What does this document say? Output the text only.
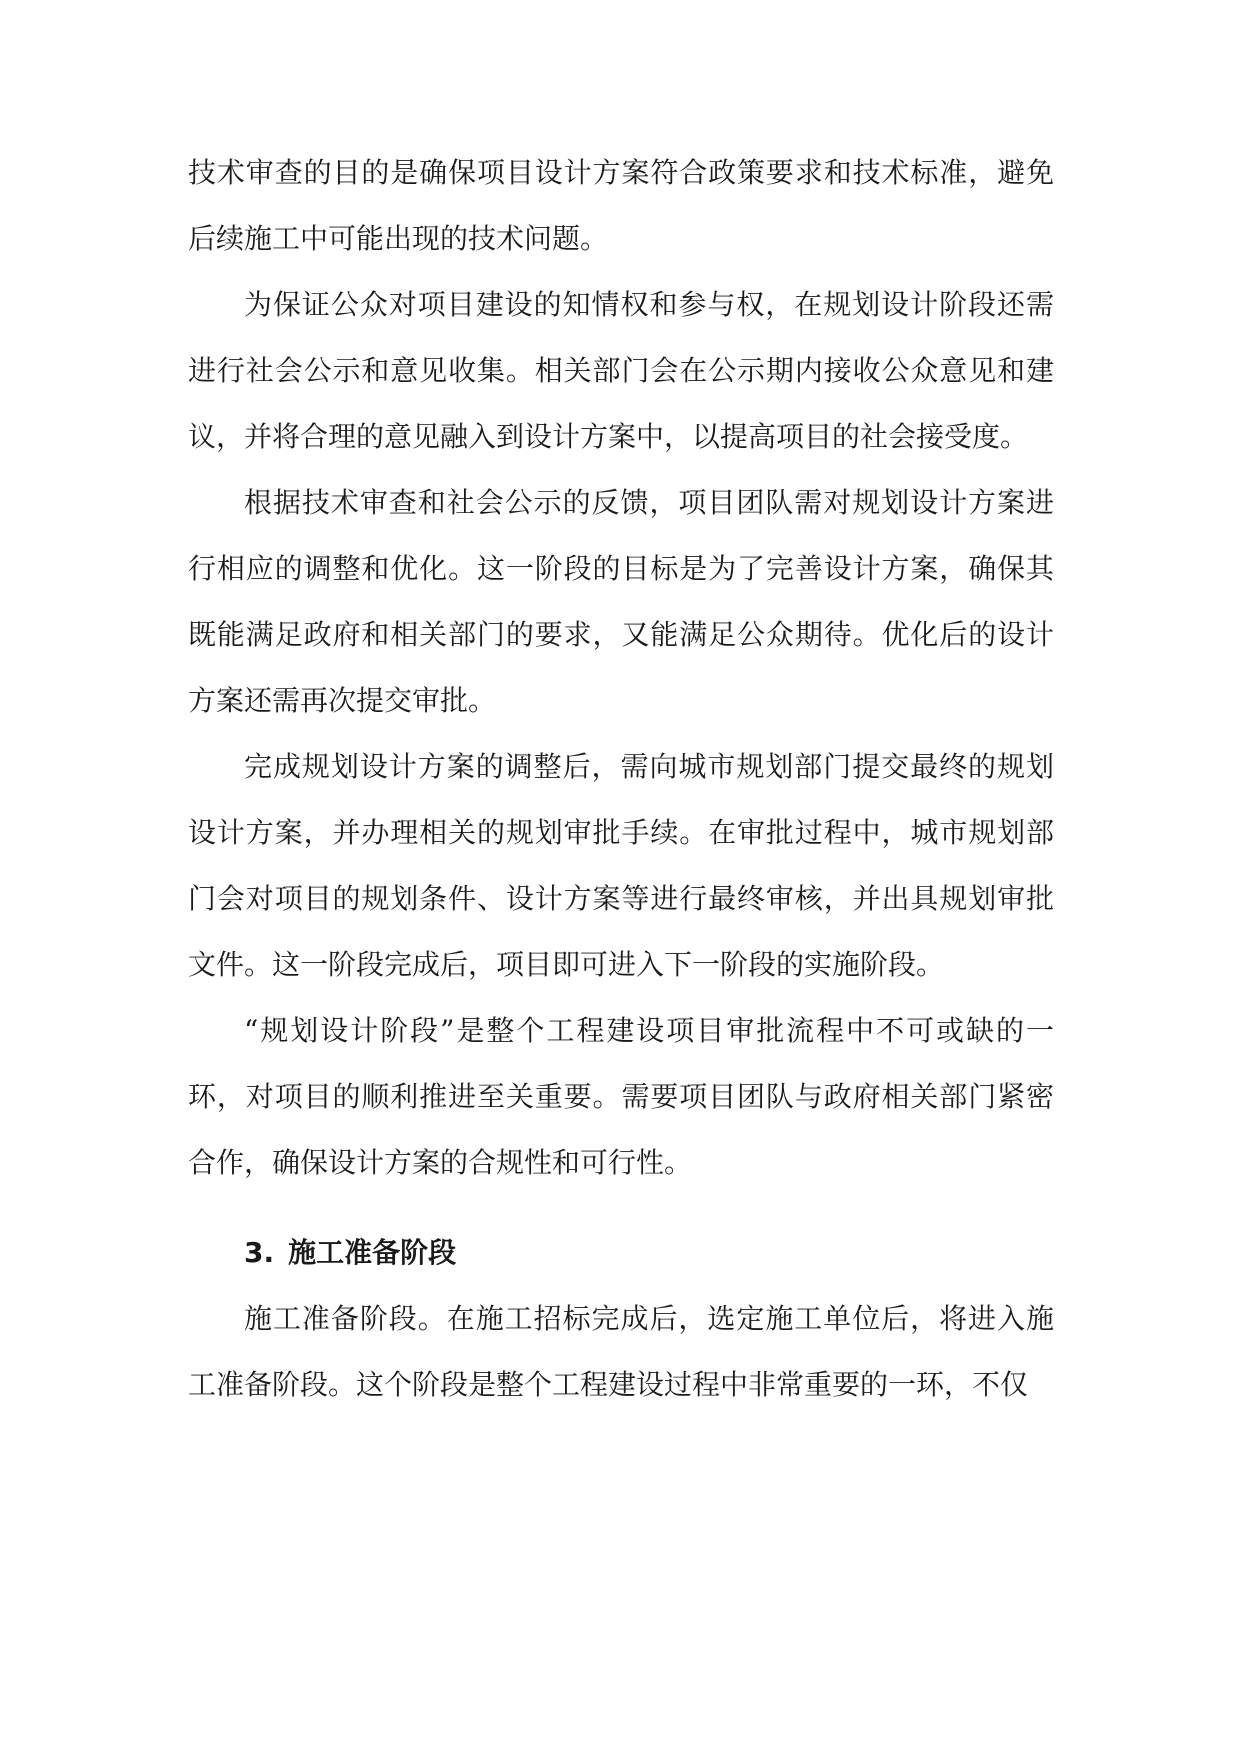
技术审查的目的是确保项目设计方案符合政策要求和技术标准，避免后续施工中可能出现的技术问题。

为保证公众对项目建设的知情权和参与权，在规划设计阶段还需进行社会公示和意见收集。相关部门会在公示期内接收公众意见和建议，并将合理的意见融入到设计方案中，以提高项目的社会接受度。

根据技术审查和社会公示的反馈，项目团队需对规划设计方案进行相应的调整和优化。这一阶段的目标是为了完善设计方案，确保其既能满足政府和相关部门的要求，又能满足公众期待。优化后的设计方案还需再次提交审批。

完成规划设计方案的调整后，需向城市规划部门提交最终的规划设计方案，并办理相关的规划审批手续。在审批过程中，城市规划部门会对项目的规划条件、设计方案等进行最终审核，并出具规划审批文件。这一阶段完成后，项目即可进入下一阶段的实施阶段。

“规划设计阶段”是整个工程建设项目审批流程中不可或缺的一环，对项目的顺利推进至关重要。需要项目团队与政府相关部门紧密合作，确保设计方案的合规性和可行性。

3. 施工准备阶段

施工准备阶段。在施工招标完成后，选定施工单位后，将进入施工准备阶段。这个阶段是整个工程建设过程中非常重要的一环，不仅
